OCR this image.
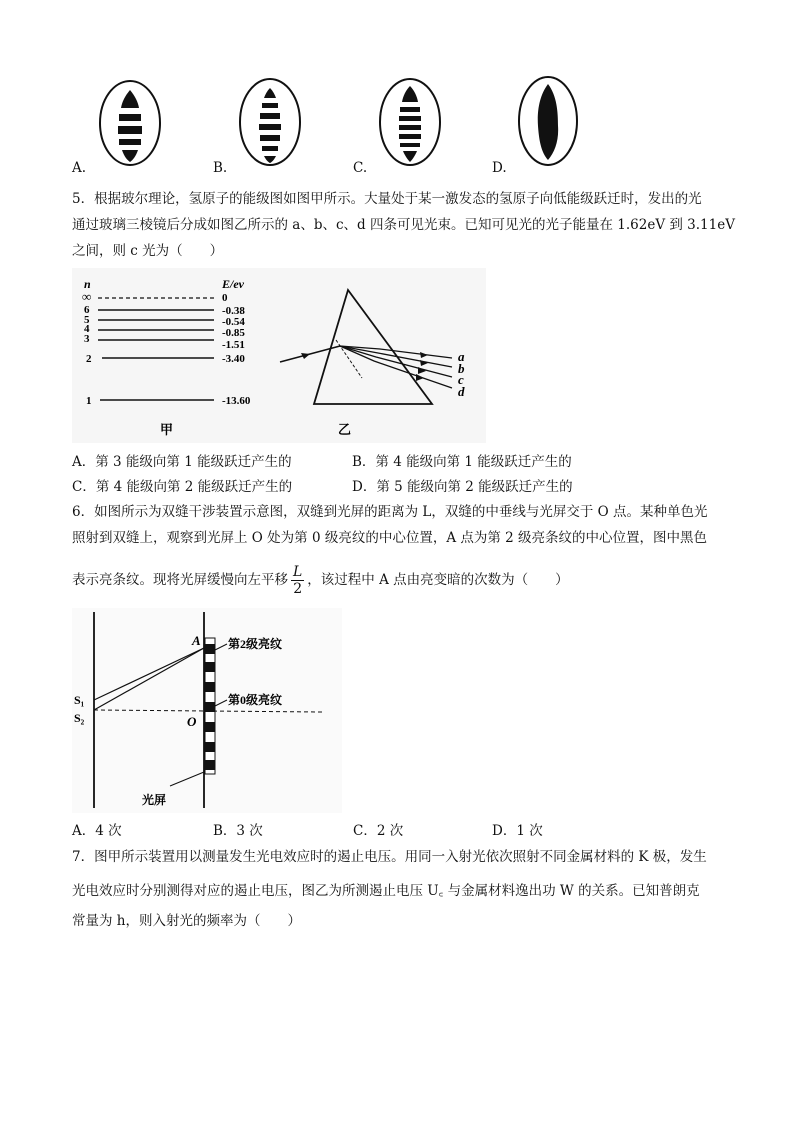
A.	B.	C.	D.
5．根据玻尔理论，氢原子的能级图如图甲所示。大量处于某一激发态的氢原子向低能级跃迁时，发出的光
通过玻璃三棱镜后分成如图乙所示的 a、b、c、d 四条可见光束。已知可见光的光子能量在 1.62eV 到 3.11eV
之间，则 c 光为（　　）
n	E/ev
∞	0
6	-0.38
5	-0.54
4	-0.85
3	-1.51
2	-3.40
1	-13.60
甲
a
b
c
d
乙
A．第 3 能级向第 1 能级跃迁产生的	B．第 4 能级向第 1 能级跃迁产生的
C．第 4 能级向第 2 能级跃迁产生的	D．第 5 能级向第 2 能级跃迁产生的
6．如图所示为双缝干涉装置示意图，双缝到光屏的距离为 L，双缝的中垂线与光屏交于 O 点。某种单色光
照射到双缝上，观察到光屏上 O 处为第 0 级亮纹的中心位置，A 点为第 2 级亮条纹的中心位置，图中黑色
表示亮条纹。现将光屏缓慢向左平移 $\frac{L}{2}$ ，该过程中 A 点由亮变暗的次数为（　　）
A
O
S₁
S₂
第2级亮纹
第0级亮纹
光屏
A．4 次	B．3 次	C．2 次	D．1 次
7．图甲所示装置用以测量发生光电效应时的遏止电压。用同一入射光依次照射不同金属材料的 K 极，发生
光电效应时分别测得对应的遏止电压，图乙为所测遏止电压 U꜀ 与金属材料逸出功 W 的关系。已知普朗克
常量为 h，则入射光的频率为（　　）
